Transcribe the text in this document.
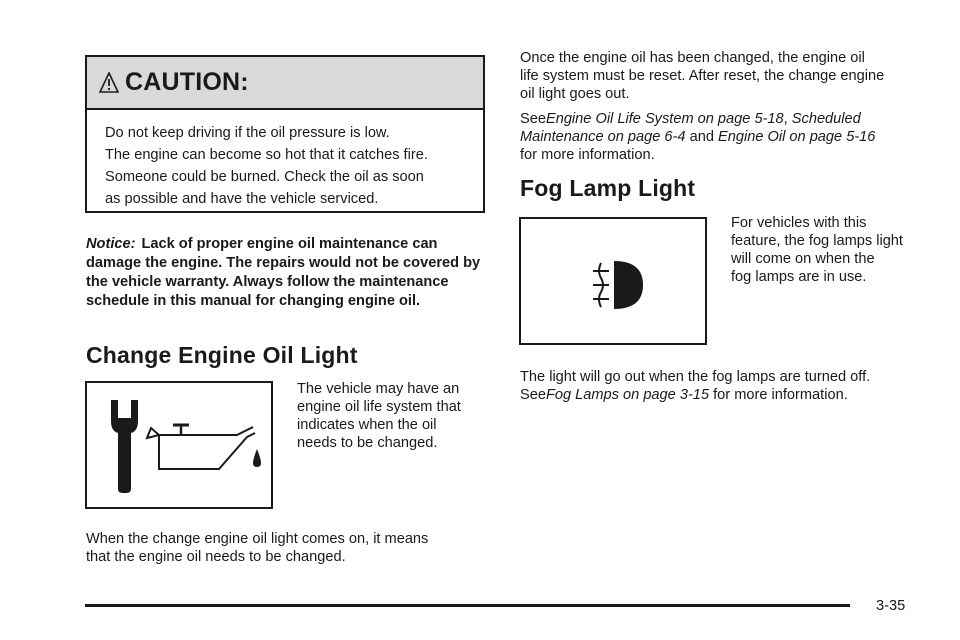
CAUTION:
Do not keep driving if the oil pressure is low.
The engine can become so hot that it catches fire.
Someone could be burned. Check the oil as soon
as possible and have the vehicle serviced.

Notice: Lack of proper engine oil maintenance can damage the engine. The repairs would not be covered by the vehicle warranty. Always follow the maintenance schedule in this manual for changing engine oil.

Change Engine Oil Light
The vehicle may have an
engine oil life system that
indicates when the oil
needs to be changed.
When the change engine oil light comes on, it means
that the engine oil needs to be changed.
Once the engine oil has been changed, the engine oil
life system must be reset. After reset, the change engine
oil light goes out.
SeeEngine Oil Life System on page 5-18, Scheduled
Maintenance on page 6-4 and Engine Oil on page 5-16
for more information.
Fog Lamp Light
For vehicles with this
feature, the fog lamps light
will come on when the
fog lamps are in use.
The light will go out when the fog lamps are turned off.
SeeFog Lamps on page 3-15 for more information.
3-35
